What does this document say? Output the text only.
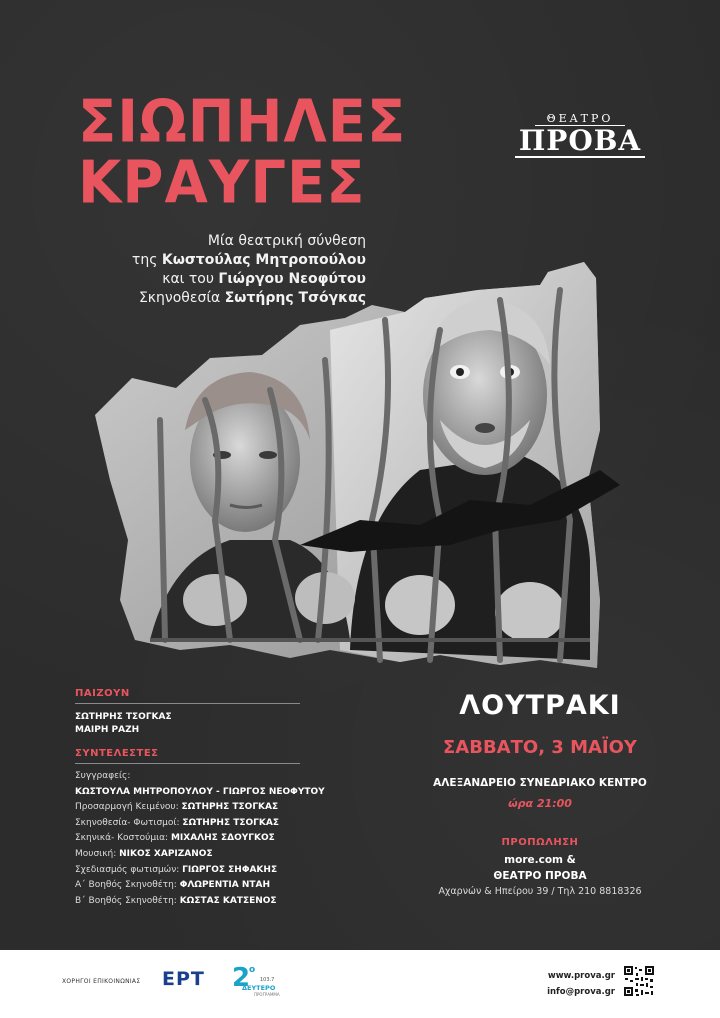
ΣΙΩΠΗΛΕΣ
ΚΡΑΥΓΕΣ
Μία θεατρική σύνθεση
της Κωστούλας Μητροπούλου
και του Γιώργου Νεοφύτου
Σκηνοθεσία Σωτήρης Τσόγκας
ΘΕΑΤΡΟ
ΠΡΟΒΑ
ΠΑΙΖΟΥΝ
ΣΩΤΗΡΗΣ ΤΣΟΓΚΑΣ
ΜΑΙΡΗ ΡΑΖΗ
ΣΥΝΤΕΛΕΣΤΕΣ
Συγγραφείς:
ΚΩΣΤΟΥΛΑ ΜΗΤΡΟΠΟΥΛΟΥ - ΓΙΩΡΓΟΣ ΝΕΟΦΥΤΟΥ
Προσαρμογή Κειμένου: ΣΩΤΗΡΗΣ ΤΣΟΓΚΑΣ
Σκηνοθεσία- Φωτισμοί: ΣΩΤΗΡΗΣ ΤΣΟΓΚΑΣ
Σκηνικά- Κοστούμια: ΜΙΧΑΛΗΣ ΣΔΟΥΓΚΟΣ
Μουσική: ΝΙΚΟΣ ΧΑΡΙΖΑΝΟΣ
Σχεδιασμός φωτισμών: ΓΙΩΡΓΟΣ ΣΗΦΑΚΗΣ
Α΄ Βοηθός Σκηνοθέτη: ΦΛΩΡΕΝΤΙΑ ΝΤΑΗ
Β΄ Βοηθός Σκηνοθέτη: ΚΩΣΤΑΣ ΚΑΤΣΕΝΟΣ
ΛΟΥΤΡΑΚΙ
ΣΑΒΒΑΤΟ, 3 ΜΑΪΟΥ
ΑΛΕΞΑΝΔΡΕΙΟ ΣΥΝΕΔΡΙΑΚΟ ΚΕΝΤΡΟ
ώρα 21:00
ΠΡΟΠΩΛΗΣΗ
more.com &
ΘΕΑΤΡΟ ΠΡΟΒΑ
Αχαρνών & Ηπείρου 39 / Τηλ 210 8818326
ΧΟΡΗΓΟΙ ΕΠΙΚΟΙΝΩΝΙΑΣ ΕΡΤ 2
ο
103.7
ΔΕΥΤΕΡΟ
ΠΡΟΓΡΑΜΜΑ
www.prova.gr
info@prova.gr
